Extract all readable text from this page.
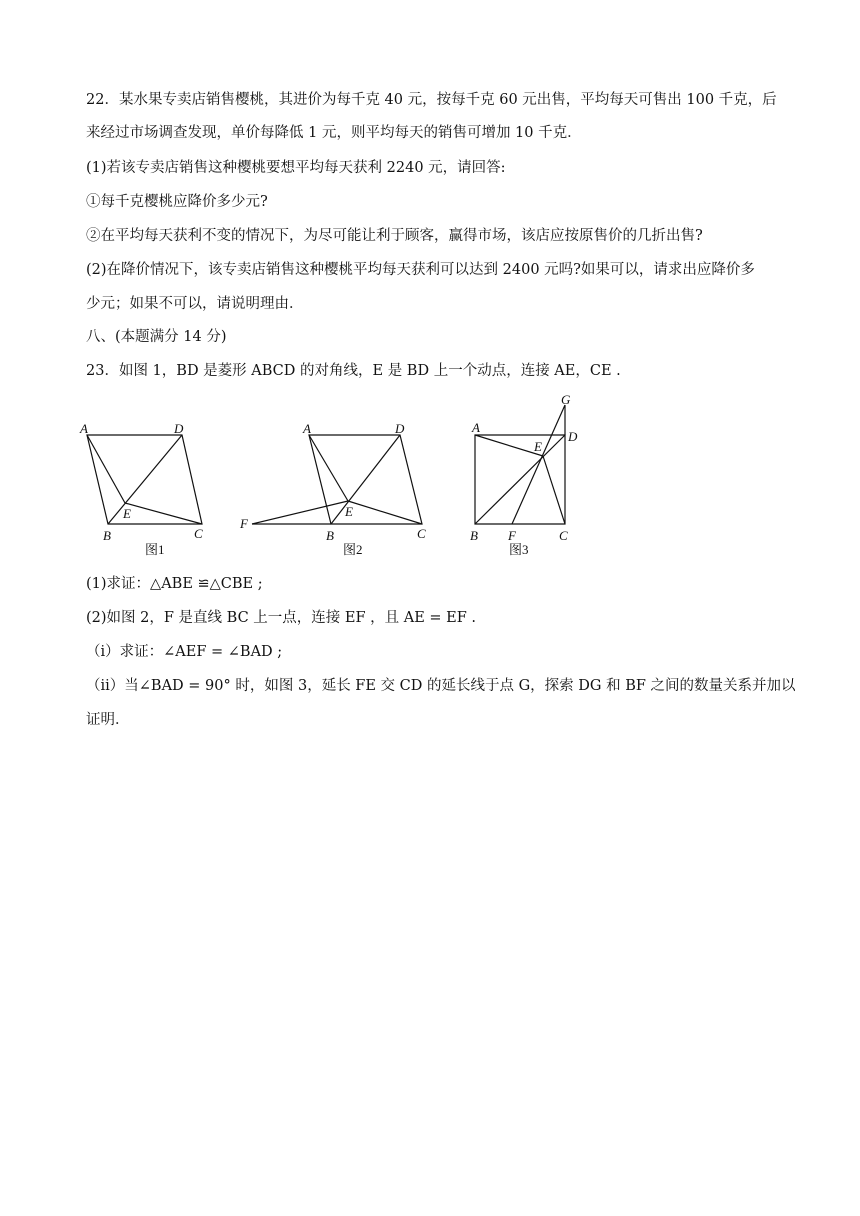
22．某水果专卖店销售樱桃，其进价为每千克 40 元，按每千克 60 元出售，平均每天可售出 100 千克，后
来经过市场调查发现，单价每降低 1 元，则平均每天的销售可增加 10 千克．
(1)若该专卖店销售这种樱桃要想平均每天获利 2240 元，请回答:
①每千克樱桃应降价多少元?
②在平均每天获利不变的情况下，为尽可能让利于顾客，赢得市场，该店应按原售价的几折出售?
(2)在降价情况下，该专卖店销售这种樱桃平均每天获利可以达到 2400 元吗?如果可以，请求出应降价多
少元；如果不可以，请说明理由．
八、(本题满分 14 分)
23．如图 1，BD 是菱形 ABCD 的对角线，E 是 BD 上一个动点，连接 AE，CE .
A	D
B	C
E
图1
A	D
B	C
E
F
图2
A
D
G
E
B F	C
图3
(1)求证：△ABE ≌△CBE ;
(2)如图 2，F 是直线 BC 上一点，连接 EF ，且 AE = EF .
（ⅰ）求证：∠AEF = ∠BAD ;
（ⅱ）当∠BAD = 90° 时，如图 3，延长 FE 交 CD 的延长线于点 G，探索 DG 和 BF 之间的数量关系并加以
证明．
